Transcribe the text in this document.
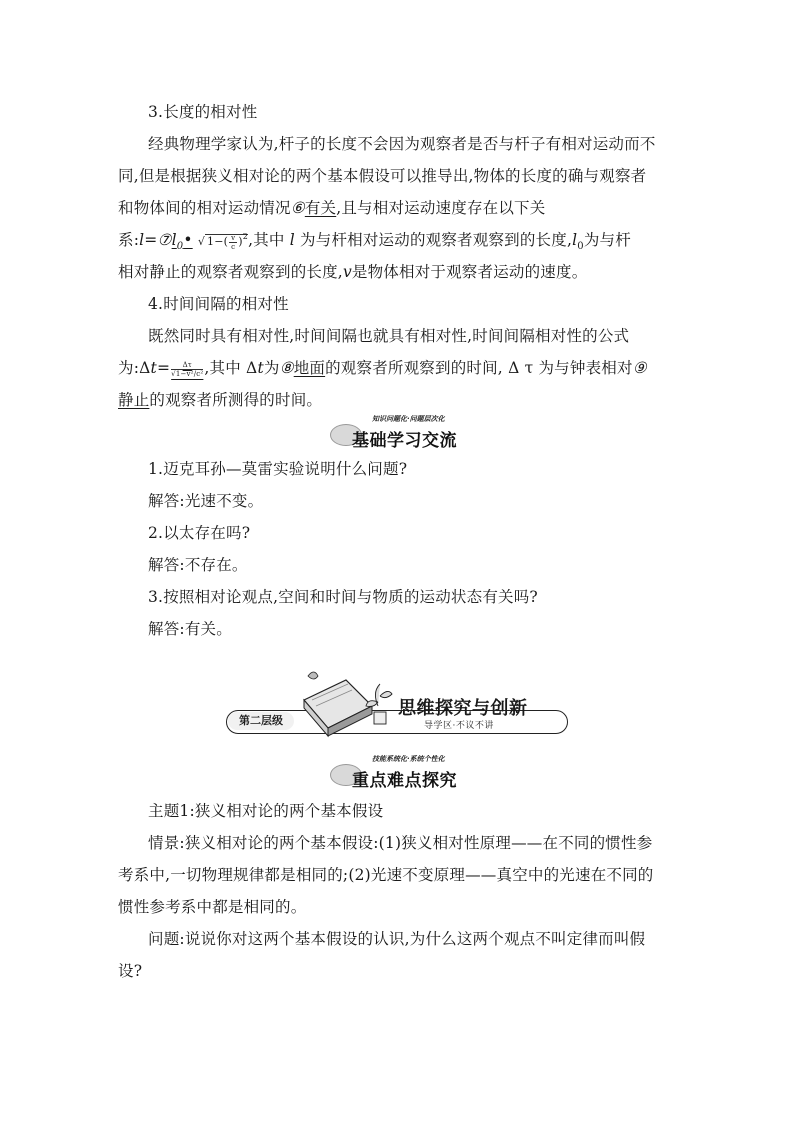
3.长度的相对性
经典物理学家认为,杆子的长度不会因为观察者是否与杆子有相对运动而不
同,但是根据狭义相对论的两个基本假设可以推导出,物体的长度的确与观察者
和物体间的相对运动情况⑥有关,且与相对运动速度存在以下关
系$:l=⑦l_0•$ √ $1-( \frac{v}{c} )^2$,其中 l 为与杆相对运动的观察者观察到的长度$,l_0$为与杆
相对静止的观察者观察到的长度,v是物体相对于观察者运动的速度。
4.时间间隔的相对性
既然同时具有相对性,时间间隔也就具有相对性,时间间隔相对性的公式
为:Δt= $\frac{\Delta\tau}{\text{√1−v²/c²}}$ ,其中 Δt为⑧地面的观察者所观察到的时间, Δ τ 为与钟表相对⑨
静止的观察者所测得的时间。
知识问题化·问题层次化
基础学习交流
1.迈克耳孙—莫雷实验说明什么问题?
解答:光速不变。
2.以太存在吗?
解答:不存在。
3.按照相对论观点,空间和时间与物质的运动状态有关吗?
解答:有关。
第二层级
思维探究与创新
导学区·不议不讲
技能系统化·系统个性化
重点难点探究
主题1:狭义相对论的两个基本假设
情景:狭义相对论的两个基本假设:(1)狭义相对性原理——在不同的惯性参
考系中,一切物理规律都是相同的;(2)光速不变原理——真空中的光速在不同的
惯性参考系中都是相同的。
问题:说说你对这两个基本假设的认识,为什么这两个观点不叫定律而叫假
设?
